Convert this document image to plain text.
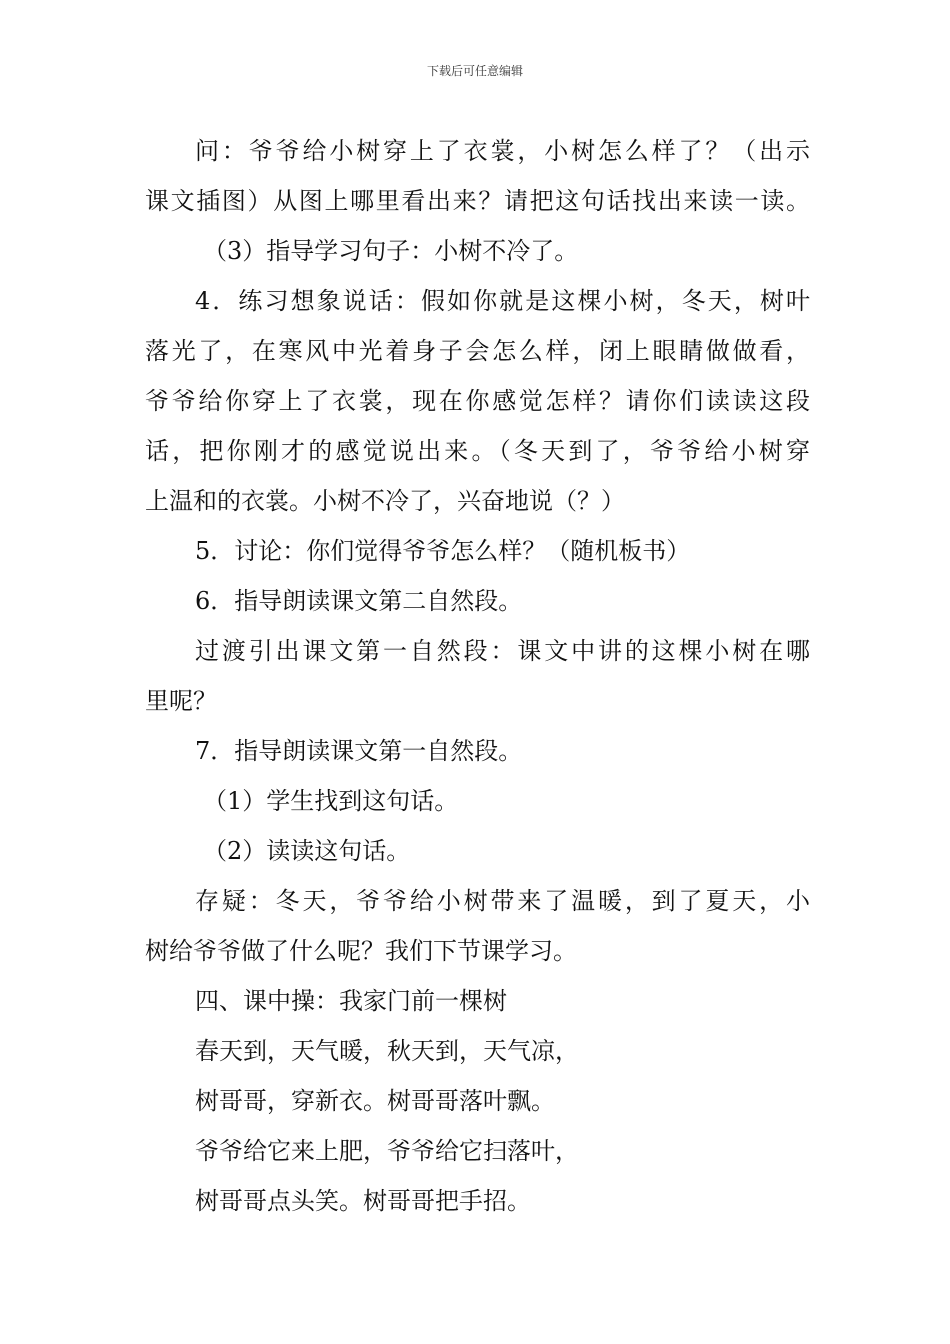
下载后可任意编辑
问：爷爷给小树穿上了衣裳，小树怎么样了？（出示
课文插图）从图上哪里看出来？请把这句话找出来读一读。
（3）指导学习句子：小树不冷了。
4．练习想象说话：假如你就是这棵小树，冬天，树叶
落光了，在寒风中光着身子会怎么样，闭上眼睛做做看，
爷爷给你穿上了衣裳，现在你感觉怎样？请你们读读这段
话，把你刚才的感觉说出来。（冬天到了，爷爷给小树穿
上温和的衣裳。小树不冷了，兴奋地说（？）
5．讨论：你们觉得爷爷怎么样？（随机板书）
6．指导朗读课文第二自然段。
过渡引出课文第一自然段：课文中讲的这棵小树在哪
里呢？
7．指导朗读课文第一自然段。
（1）学生找到这句话。
（2）读读这句话。
存疑：冬天，爷爷给小树带来了温暖，到了夏天，小
树给爷爷做了什么呢？我们下节课学习。
四、课中操：我家门前一棵树
春天到，天气暖，秋天到，天气凉，
树哥哥，穿新衣。树哥哥落叶飘。
爷爷给它来上肥，爷爷给它扫落叶，
树哥哥点头笑。树哥哥把手招。
